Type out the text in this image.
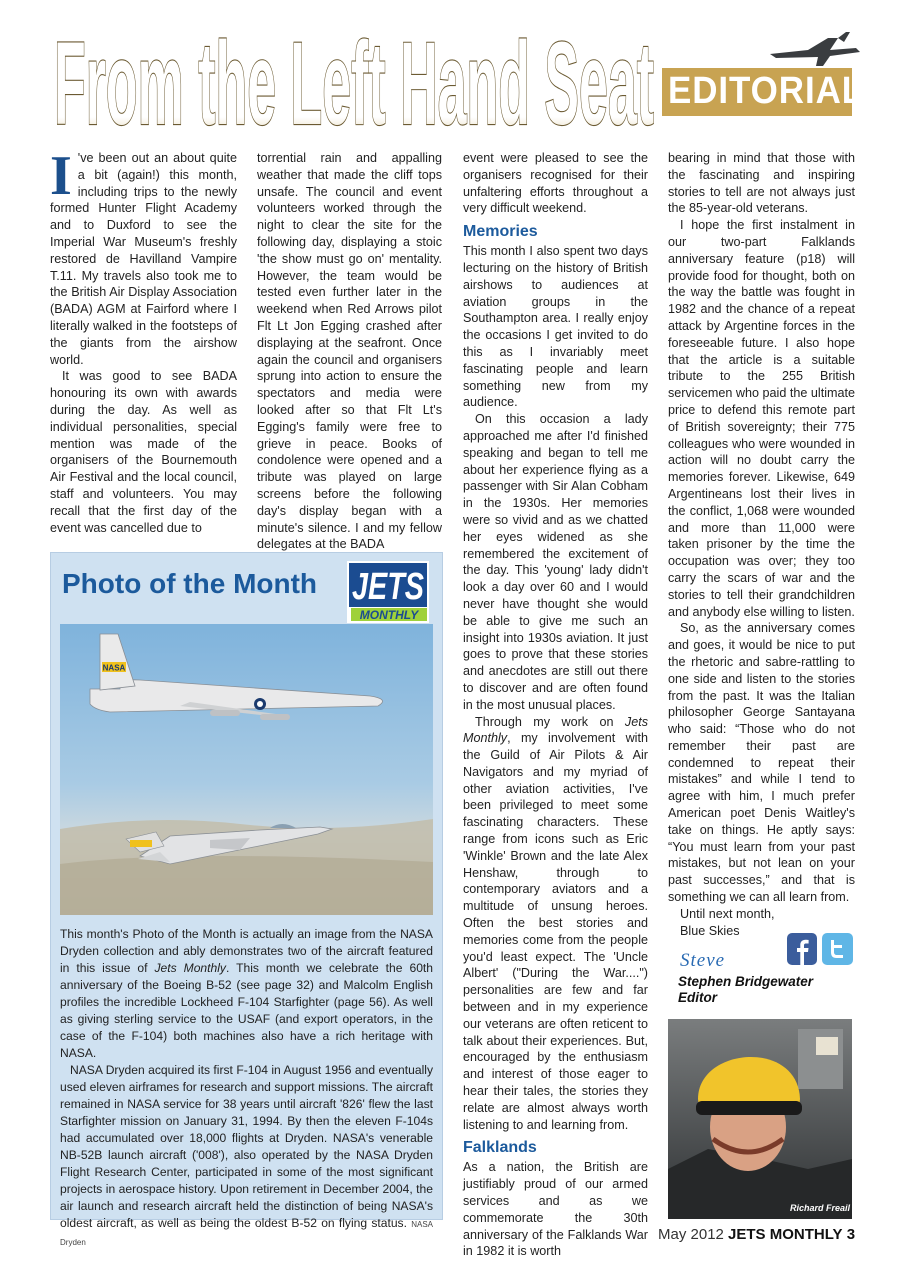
From the Left Hand Seat EDITORIAL

I 've been out an about quite a bit (again!) this month, including trips to the newly formed Hunter Flight Academy and to Duxford to see the Imperial War Museum's freshly restored de Havilland Vampire T.11. My travels also took me to the British Air Display Association (BADA) AGM at Fairford where I literally walked in the footsteps of the giants from the airshow world.

It was good to see BADA honouring its own with awards during the day. As well as individual personalities, special mention was made of the organisers of the Bournemouth Air Festival and the local council, staff and volunteers. You may recall that the first day of the event was cancelled due to

torrential rain and appalling weather that made the cliff tops unsafe. The council and event volunteers worked through the night to clear the site for the following day, displaying a stoic 'the show must go on' mentality. However, the team would be tested even further later in the weekend when Red Arrows pilot Flt Lt Jon Egging crashed after displaying at the seafront. Once again the council and organisers sprung into action to ensure the spectators and media were looked after so that Flt Lt's Egging's family were free to grieve in peace. Books of condolence were opened and a tribute was played on large screens before the following day's display began with a minute's silence. I and my fellow delegates at the BADA

event were pleased to see the organisers recognised for their unfaltering efforts throughout a very difficult weekend.

Memories

This month I also spent two days lecturing on the history of British airshows to audiences at aviation groups in the Southampton area. I really enjoy the occasions I get invited to do this as I invariably meet fascinating people and learn something new from my audience.

On this occasion a lady approached me after I'd finished speaking and began to tell me about her experience flying as a passenger with Sir Alan Cobham in the 1930s. Her memories were so vivid and as we chatted her eyes widened as she remembered the excitement of the day. This 'young' lady didn't look a day over 60 and I would never have thought she would be able to give me such an insight into 1930s aviation. It just goes to prove that these stories and anecdotes are still out there to discover and are often found in the most unusual places.

Through my work on Jets Monthly, my involvement with the Guild of Air Pilots & Air Navigators and my myriad of other aviation activities, I've been privileged to meet some fascinating characters. These range from icons such as Eric 'Winkle' Brown and the late Alex Henshaw, through to contemporary aviators and a multitude of unsung heroes. Often the best stories and memories come from the people you'd least expect. The 'Uncle Albert' ("During the War....") personalities are few and far between and in my experience our veterans are often reticent to talk about their experiences. But, encouraged by the enthusiasm and interest of those eager to hear their tales, the stories they relate are almost always worth listening to and learning from.

Falklands

As a nation, the British are justifiably proud of our armed services and as we commemorate the 30th anniversary of the Falklands War in 1982 it is worth

bearing in mind that those with the fascinating and inspiring stories to tell are not always just the 85-year-old veterans.

I hope the first instalment in our two-part Falklands anniversary feature (p18) will provide food for thought, both on the way the battle was fought in 1982 and the chance of a repeat attack by Argentine forces in the foreseeable future. I also hope that the article is a suitable tribute to the 255 British servicemen who paid the ultimate price to defend this remote part of British sovereignty; their 775 colleagues who were wounded in action will no doubt carry the memories forever. Likewise, 649 Argentineans lost their lives in the conflict, 1,068 were wounded and more than 11,000 were taken prisoner by the time the occupation was over; they too carry the scars of war and the stories to tell their grandchildren and anybody else willing to listen.

So, as the anniversary comes and goes, it would be nice to put the rhetoric and sabre-rattling to one side and listen to the stories from the past. It was the Italian philosopher George Santayana who said: “Those who do not remember their past are condemned to repeat their mistakes” and while I tend to agree with him, I much prefer American poet Denis Waitley's take on things. He aptly says: “You must learn from your past mistakes, but not lean on your past successes,” and that is something we can all learn from.

Until next month,

Blue Skies

Steve
Stephen Bridgewater
Editor
Richard Freail
Photo of the Month JETS
MONTHLY
NASA

This month's Photo of the Month is actually an image from the NASA Dryden collection and ably demonstrates two of the aircraft featured in this issue of Jets Monthly. This month we celebrate the 60th anniversary of the Boeing B-52 (see page 32) and Malcolm English profiles the incredible Lockheed F-104 Starfighter (page 56). As well as giving sterling service to the USAF (and export operators, in the case of the F-104) both machines also have a rich heritage with NASA.

NASA Dryden acquired its first F-104 in August 1956 and eventually used eleven airframes for research and support missions. The aircraft remained in NASA service for 38 years until aircraft '826' flew the last Starfighter mission on January 31, 1994. By then the eleven F-104s had accumulated over 18,000 flights at Dryden. NASA's venerable NB-52B launch aircraft ('008'), also operated by the NASA Dryden Flight Research Center, participated in some of the most significant projects in aerospace history. Upon retirement in December 2004, the air launch and research aircraft held the distinction of being NASA's oldest aircraft, as well as being the oldest B-52 on flying status. NASA Dryden	May 2012 JETS MONTHLY 3
